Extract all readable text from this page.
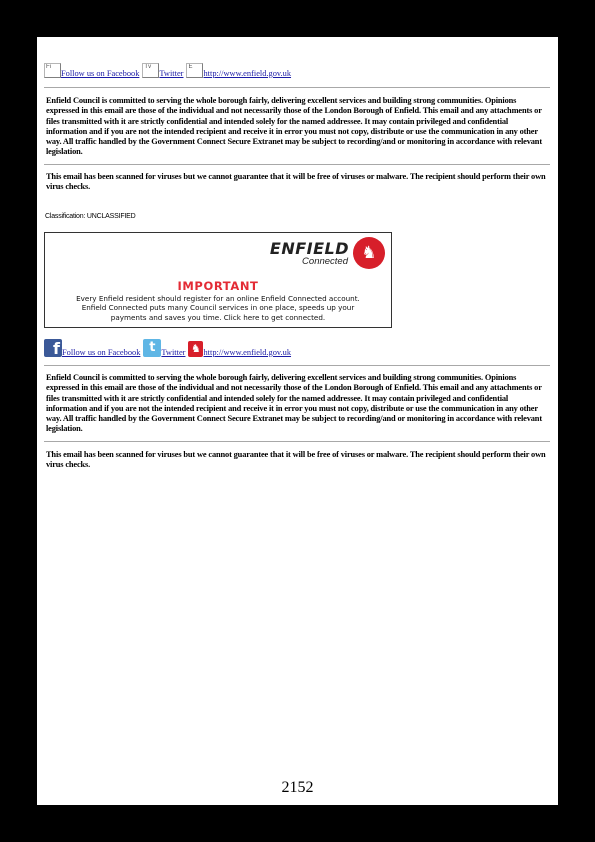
Fi
Follow us on Facebook
Tv
Twitter
E
http://www.enfield.gov.uk

Enfield Council is committed to serving the whole borough fairly, delivering excellent services and building strong communities. Opinions expressed in this email are those of the individual and not necessarily those of the London Borough of Enfield. This email and any attachments or files transmitted with it are strictly confidential and intended solely for the named addressee. It may contain privileged and confidential information and if you are not the intended recipient and receive it in error you must not copy, distribute or use the communication in any other way. All traffic handled by the Government Connect Secure Extranet may be subject to recording/and or monitoring in accordance with relevant legislation.

This email has been scanned for viruses but we cannot guarantee that it will be free of viruses or malware. The recipient should perform their own virus checks.

Classification: UNCLASSIFIED
ENFIELD
Connected ♞
IMPORTANT
Every Enfield resident should register for an online Enfield Connected account.
Enfield Connected puts many Council services in one place, speeds up your
payments and saves you time. Click here to get connected.
f Follow us on Facebook t Twitter ♞ http://www.enfield.gov.uk

Enfield Council is committed to serving the whole borough fairly, delivering excellent services and building strong communities. Opinions expressed in this email are those of the individual and not necessarily those of the London Borough of Enfield. This email and any attachments or files transmitted with it are strictly confidential and intended solely for the named addressee. It may contain privileged and confidential information and if you are not the intended recipient and receive it in error you must not copy, distribute or use the communication in any other way. All traffic handled by the Government Connect Secure Extranet may be subject to recording/and or monitoring in accordance with relevant legislation.

This email has been scanned for viruses but we cannot guarantee that it will be free of viruses or malware. The recipient should perform their own virus checks.

2152
